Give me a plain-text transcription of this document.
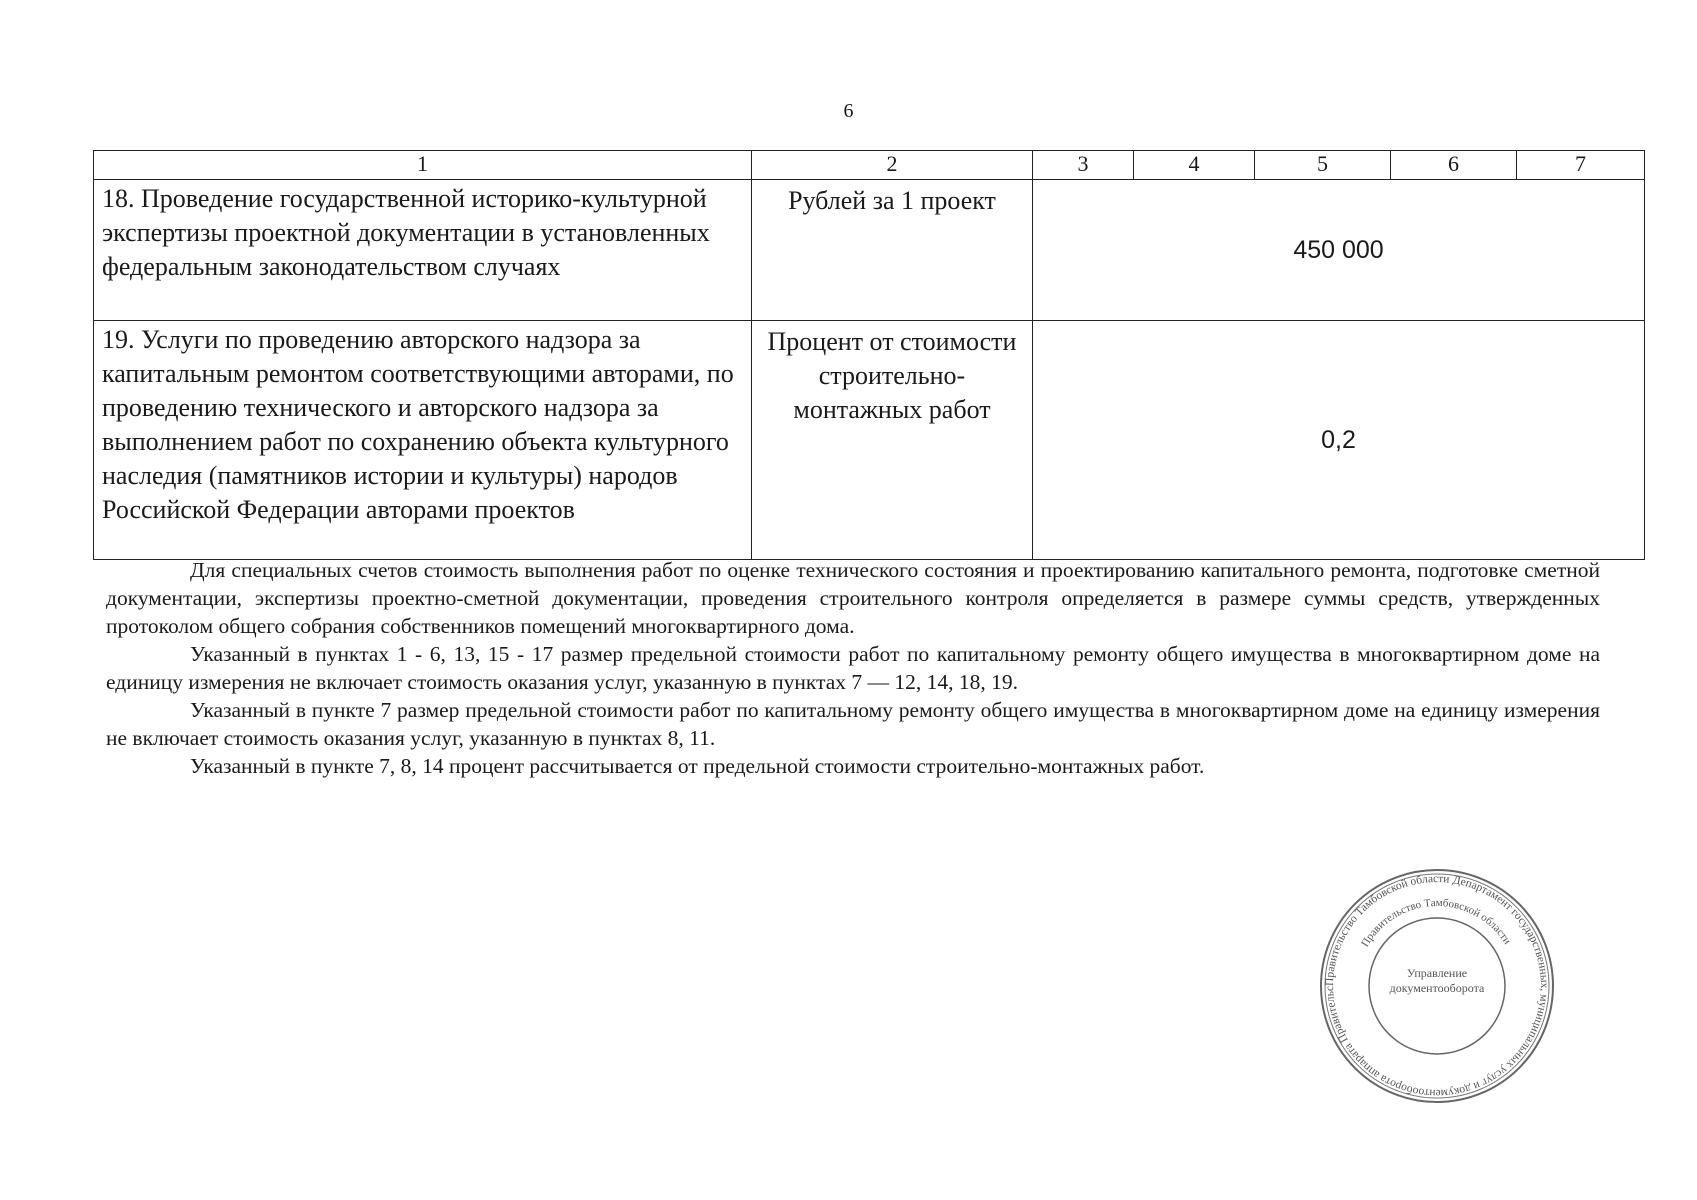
6
1	2	3	4	5	6	7
18. Проведение государственной историко-культурной экспертизы проектной документации в установленных федеральным законодательством случаях	Рублей за 1 проект	450 000				
19. Услуги по проведению авторского надзора за капитальным ремонтом соответствующими авторами, по проведению технического и авторского надзора за выполнением работ по сохранению объекта культурного наследия (памятников истории и культуры) народов Российской Федерации авторами проектов	Процент от стоимости строительно-монтажных работ	0,2				

Для специальных счетов стоимость выполнения работ по оценке технического состояния и проектированию капитального ремонта, подготовке сметной документации, экспертизы проектно-сметной документации, проведения строительного контроля определяется в размере суммы средств, утвержденных протоколом общего собрания собственников помещений многоквартирного дома.

Указанный в пунктах 1 - 6, 13, 15 - 17 размер предельной стоимости работ по капитальному ремонту общего имущества в многоквартирном доме на единицу измерения не включает стоимость оказания услуг, указанную в пунктах 7 — 12, 14, 18, 19.

Указанный в пункте 7 размер предельной стоимости работ по капитальному ремонту общего имущества в многоквартирном доме на единицу измерения не включает стоимость оказания услуг, указанную в пунктах 8, 11.

Указанный в пункте 7, 8, 14 процент рассчитывается от предельной стоимости строительно-монтажных работ.

Правительство Тамбовской области Департамент государственных, муниципальных услуг и документооборота аппарата Правительс
Правительство Тамбовской области
Управление документооборота
